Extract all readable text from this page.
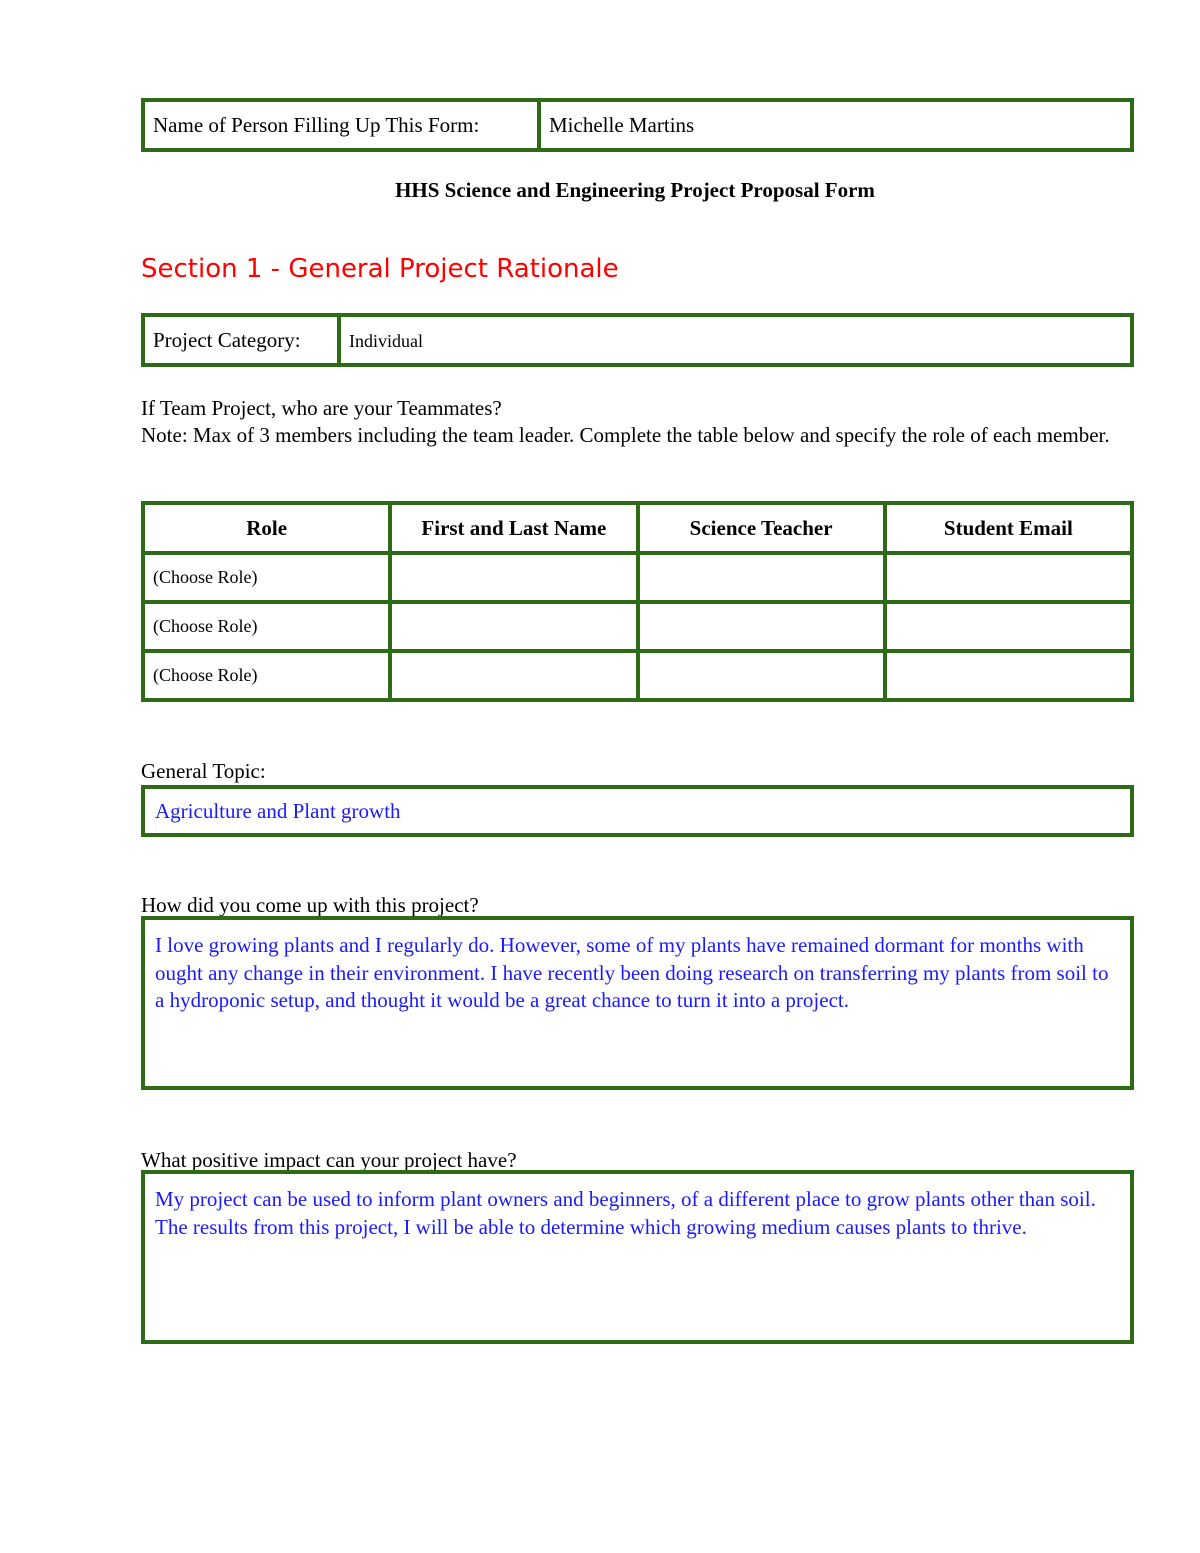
Name of Person Filling Up This Form:	Michelle Martins
HHS Science and Engineering Project Proposal Form
Section 1 - General Project Rationale
Project Category:	Individual
If Team Project, who are your Teammates?
Note: Max of 3 members including the team leader. Complete the table below and specify the role of each member.
Role	First and Last Name	Science Teacher	Student Email
(Choose Role)			
(Choose Role)			
(Choose Role)			
General Topic:
Agriculture and Plant growth
How did you come up with this project?
I love growing plants and I regularly do. However, some of my plants have remained dormant for months with ought any change in their environment. I have recently been doing research on transferring my plants from soil to a hydroponic setup, and thought it would be a great chance to turn it into a project.
What positive impact can your project have?
My project can be used to inform plant owners and beginners, of a different place to grow plants other than soil. The results from this project, I will be able to determine which growing medium causes plants to thrive.
